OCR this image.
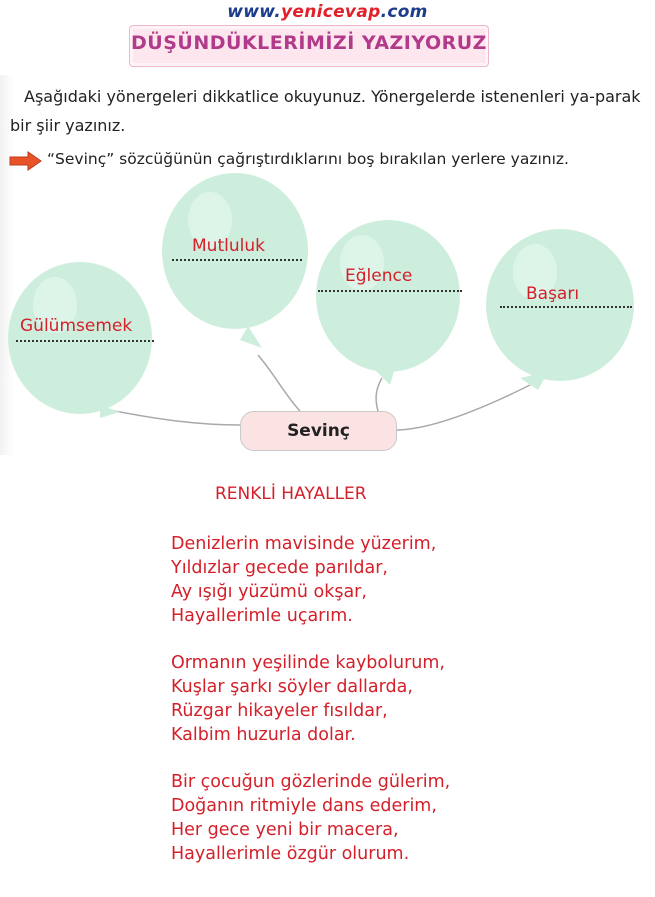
www.yenicevap.com
DÜŞÜNDÜKLERİMİZİ YAZIYORUZ
Aşağıdaki yönergeleri dikkatlice okuyunuz. Yönergelerde istenenleri ya-parak bir şiir yazınız.
“Sevinç” sözcüğünün çağrıştırdıklarını boş bırakılan yerlere yazınız.
Gülümsemek
Mutluluk
Eğlence
Başarı
Sevinç
RENKLİ HAYALLER
Denizlerin mavisinde yüzerim,
Yıldızlar gecede parıldar,
Ay ışığı yüzümü okşar,
Hayallerimle uçarım.
Ormanın yeşilinde kaybolurum,
Kuşlar şarkı söyler dallarda,
Rüzgar hikayeler fısıldar,
Kalbim huzurla dolar.
Bir çocuğun gözlerinde gülerim,
Doğanın ritmiyle dans ederim,
Her gece yeni bir macera,
Hayallerimle özgür olurum.
